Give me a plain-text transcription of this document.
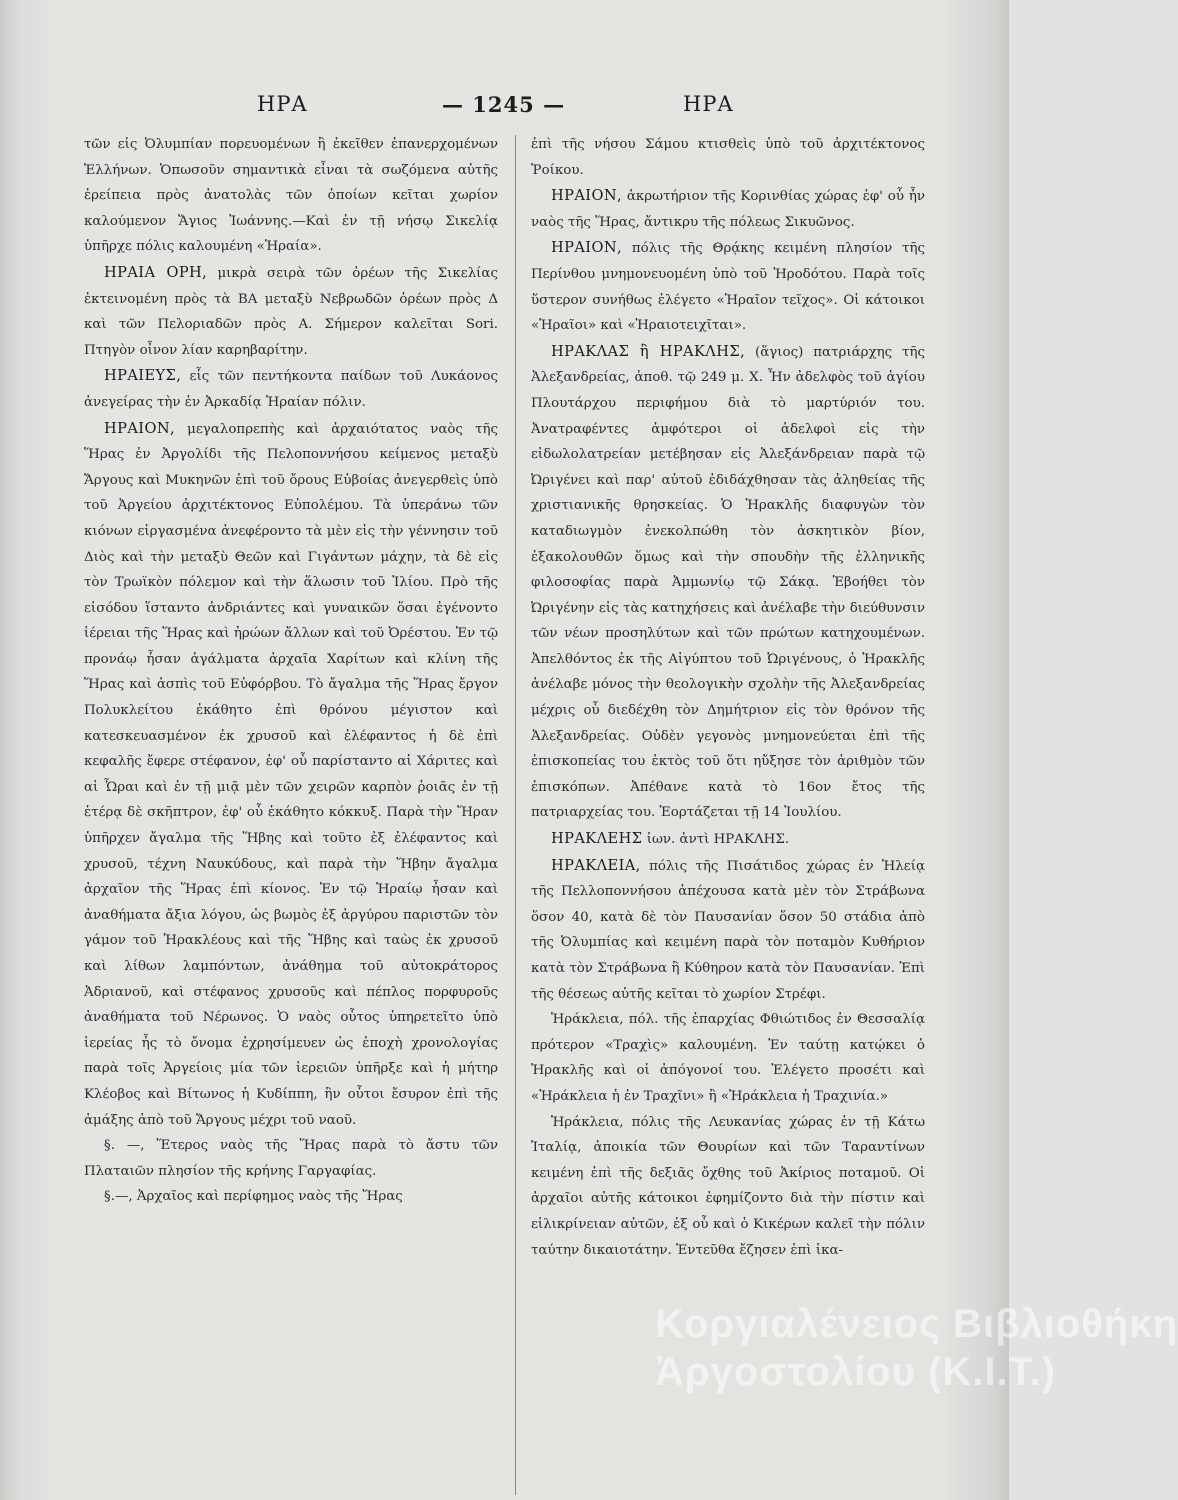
ΗΡΑ	— 1245 —	ΗΡΑ

τῶν εἰς Ὀλυμπίαν πορευομένων ἢ ἐκεῖθεν ἐπανερχομένων Ἑλλήνων. Ὁπωσοῦν σημαντικὰ εἶναι τὰ σωζόμενα αὐτῆς ἐρείπεια πρὸς ἀνατολὰς τῶν ὁποίων κεῖται χωρίον καλούμενον Ἅγιος Ἰωάννης.—Καὶ ἐν τῇ νήσῳ Σικελίᾳ ὑπῆρχε πόλις καλουμένη «Ἡραία».

ΗΡΑΙΑ ΟΡΗ, μικρὰ σειρὰ τῶν ὀρέων τῆς Σικελίας ἐκτεινομένη πρὸς τὰ ΒΑ μεταξὺ Νεβρωδῶν ὀρέων πρὸς Δ καὶ τῶν Πελοριαδῶν πρὸς Α. Σήμερον καλεῖται Sori. Πτηγὸν οἶνον λίαν καρηβαρίτην.

ΗΡΑΙΕΥΣ, εἷς τῶν πεντήκοντα παίδων τοῦ Λυκάονος ἀνεγείρας τὴν ἐν Ἀρκαδίᾳ Ἡραίαν πόλιν.

ΗΡΑΙΟΝ, μεγαλοπρεπὴς καὶ ἀρχαιότατος ναὸς τῆς Ἥρας ἐν Ἀργολίδι τῆς Πελοποννήσου κείμενος μεταξὺ Ἄργους καὶ Μυκηνῶν ἐπὶ τοῦ ὄρους Εὐβοίας ἀνεγερθεὶς ὑπὸ τοῦ Ἀργείου ἀρχιτέκτονος Εὐπολέμου. Τὰ ὑπεράνω τῶν κιόνων εἰργασμένα ἀνεφέροντο τὰ μὲν εἰς τὴν γέννησιν τοῦ Διὸς καὶ τὴν μεταξὺ Θεῶν καὶ Γιγάντων μάχην, τὰ δὲ εἰς τὸν Τρωϊκὸν πόλεμον καὶ τὴν ἅλωσιν τοῦ Ἰλίου. Πρὸ τῆς εἰσόδου ἵσταντο ἀνδριάντες καὶ γυναικῶν ὅσαι ἐγένοντο ἱέρειαι τῆς Ἥρας καὶ ἡρώων ἄλλων καὶ τοῦ Ὀρέστου. Ἐν τῷ προνάῳ ἦσαν ἀγάλματα ἀρχαῖα Χαρίτων καὶ κλίνη τῆς Ἥρας καὶ ἀσπὶς τοῦ Εὐφόρβου. Τὸ ἄγαλμα τῆς Ἥρας ἔργον Πολυκλείτου ἐκάθητο ἐπὶ θρόνου μέγιστον καὶ κατεσκευασμένον ἐκ χρυσοῦ καὶ ἐλέφαντος ἡ δὲ ἐπὶ κεφαλῆς ἔφερε στέφανον, ἐφ' οὗ παρίσταντο αἱ Χάριτες καὶ αἱ Ὧραι καὶ ἐν τῇ μιᾷ μὲν τῶν χειρῶν καρπὸν ῥοιᾶς ἐν τῇ ἑτέρᾳ δὲ σκῆπτρον, ἐφ' οὗ ἐκάθητο κόκκυξ. Παρὰ τὴν Ἥραν ὑπῆρχεν ἄγαλμα τῆς Ἥβης καὶ τοῦτο ἐξ ἐλέφαντος καὶ χρυσοῦ, τέχνη Ναυκύδους, καὶ παρὰ τὴν Ἥβην ἄγαλμα ἀρχαῖον τῆς Ἥρας ἐπὶ κίονος. Ἐν τῷ Ἡραίῳ ἦσαν καὶ ἀναθήματα ἄξια λόγου, ὡς βωμὸς ἐξ ἀργύρου παριστῶν τὸν γάμον τοῦ Ἡρακλέους καὶ τῆς Ἥβης καὶ ταὼς ἐκ χρυσοῦ καὶ λίθων λαμπόντων, ἀνάθημα τοῦ αὐτοκράτορος Ἀδριανοῦ, καὶ στέφανος χρυσοῦς καὶ πέπλος πορφυροῦς ἀναθήματα τοῦ Νέρωνος. Ὁ ναὸς οὗτος ὑπηρετεῖτο ὑπὸ ἱερείας ἧς τὸ ὄνομα ἐχρησίμευεν ὡς ἐποχὴ χρονολογίας παρὰ τοῖς Ἀργείοις μία τῶν ἱερειῶν ὑπῆρξε καὶ ἡ μήτηρ Κλέοβος καὶ Βίτωνος ἡ Κυδίππη, ἣν οὗτοι ἔσυρον ἐπὶ τῆς ἁμάξης ἀπὸ τοῦ Ἄργους μέχρι τοῦ ναοῦ.

§. —, Ἕτερος ναὸς τῆς Ἥρας παρὰ τὸ ἄστυ τῶν Πλαταιῶν πλησίον τῆς κρήνης Γαργαφίας.

§.—, Ἀρχαῖος καὶ περίφημος ναὸς τῆς Ἥρας

ἐπὶ τῆς νήσου Σάμου κτισθεὶς ὑπὸ τοῦ ἀρχιτέκτονος Ῥοίκου.

ΗΡΑΙΟΝ, ἀκρωτήριον τῆς Κορινθίας χώρας ἐφ' οὗ ἦν ναὸς τῆς Ἥρας, ἄντικρυ τῆς πόλεως Σικυῶνος.

ΗΡΑΙΟΝ, πόλις τῆς Θρᾴκης κειμένη πλησίον τῆς Περίνθου μνημονευομένη ὑπὸ τοῦ Ἡροδότου. Παρὰ τοῖς ὕστερον συνήθως ἐλέγετο «Ἡραῖον τεῖχος». Οἱ κάτοικοι «Ἡραῖοι» καὶ «Ἡραιοτειχῖται».

ΗΡΑΚΛΑΣ ἢ ΗΡΑΚΛΗΣ, (ἅγιος) πατριάρχης τῆς Ἀλεξανδρείας, ἀποθ. τῷ 249 μ. Χ. Ἦν ἀδελφὸς τοῦ ἁγίου Πλουτάρχου περιφήμου διὰ τὸ μαρτύριόν του. Ἀνατραφέντες ἀμφότεροι οἱ ἀδελφοὶ εἰς τὴν εἰδωλολατρείαν μετέβησαν εἰς Ἀλεξάνδρειαν παρὰ τῷ Ὠριγένει καὶ παρ' αὐτοῦ ἐδιδάχθησαν τὰς ἀληθείας τῆς χριστιανικῆς θρησκείας. Ὁ Ἡρακλῆς διαφυγὼν τὸν καταδιωγμὸν ἐνεκολπώθη τὸν ἀσκητικὸν βίον, ἐξακολουθῶν ὅμως καὶ τὴν σπουδὴν τῆς ἑλληνικῆς φιλοσοφίας παρὰ Ἀμμωνίῳ τῷ Σάκᾳ. Ἐβοήθει τὸν Ὠριγένην εἰς τὰς κατηχήσεις καὶ ἀνέλαβε τὴν διεύθυνσιν τῶν νέων προσηλύτων καὶ τῶν πρώτων κατηχουμένων. Ἀπελθόντος ἐκ τῆς Αἰγύπτου τοῦ Ὠριγένους, ὁ Ἡρακλῆς ἀνέλαβε μόνος τὴν θεολογικὴν σχολὴν τῆς Ἀλεξανδρείας μέχρις οὗ διεδέχθη τὸν Δημήτριον εἰς τὸν θρόνον τῆς Ἀλεξανδρείας. Οὐδὲν γεγονὸς μνημονεύεται ἐπὶ τῆς ἐπισκοπείας του ἐκτὸς τοῦ ὅτι ηὔξησε τὸν ἀριθμὸν τῶν ἐπισκόπων. Ἀπέθανε κατὰ τὸ 16ον ἔτος τῆς πατριαρχείας του. Ἑορτάζεται τῇ 14 Ἰουλίου.

ΗΡΑΚΛΕΗΣ ἰων. ἀντὶ ΗΡΑΚΛΗΣ.

ΗΡΑΚΛΕΙΑ, πόλις τῆς Πισάτιδος χώρας ἐν Ἠλείᾳ τῆς Πελλοποννήσου ἀπέχουσα κατὰ μὲν τὸν Στράβωνα ὅσον 40, κατὰ δὲ τὸν Παυσανίαν ὅσον 50 στάδια ἀπὸ τῆς Ὀλυμπίας καὶ κειμένη παρὰ τὸν ποταμὸν Κυθήριον κατὰ τὸν Στράβωνα ἢ Κύθηρον κατὰ τὸν Παυσανίαν. Ἐπὶ τῆς θέσεως αὐτῆς κεῖται τὸ χωρίον Στρέφι.

Ἡράκλεια, πόλ. τῆς ἐπαρχίας Φθιώτιδος ἐν Θεσσαλίᾳ πρότερον «Τραχὶς» καλουμένη. Ἐν ταύτῃ κατῴκει ὁ Ἡρακλῆς καὶ οἱ ἀπόγονοί του. Ἐλέγετο προσέτι καὶ «Ἡράκλεια ἡ ἐν Τραχῖνι» ἢ «Ἡράκλεια ἡ Τραχινία.»

Ἡράκλεια, πόλις τῆς Λευκανίας χώρας ἐν τῇ Κάτω Ἰταλίᾳ, ἀποικία τῶν Θουρίων καὶ τῶν Ταραντίνων κειμένη ἐπὶ τῆς δεξιᾶς ὄχθης τοῦ Ἀκίριος ποταμοῦ. Οἱ ἀρχαῖοι αὐτῆς κάτοικοι ἐφημίζοντο διὰ τὴν πίστιν καὶ εἰλικρίνειαν αὐτῶν, ἐξ οὗ καὶ ὁ Κικέρων καλεῖ τὴν πόλιν ταύτην δικαιοτάτην. Ἐντεῦθα ἔζησεν ἐπὶ ἱκα-

Κοργιαλένειος Βιβλιοθήκη
Ἀργοστολίου (Κ.Ι.Τ.)
